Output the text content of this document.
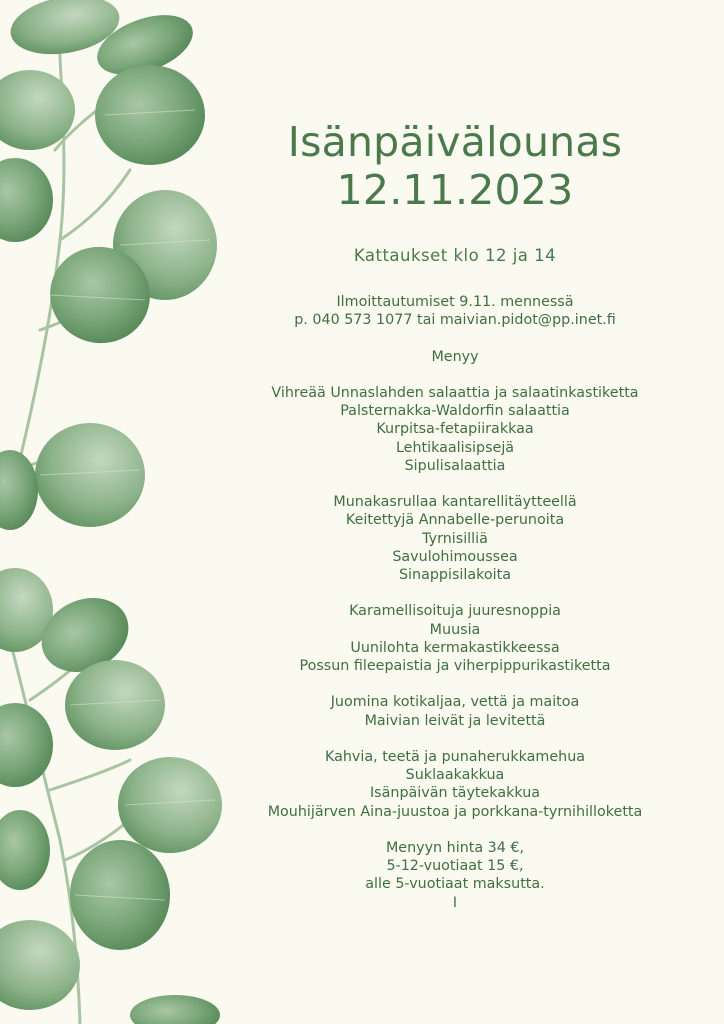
Isänpäivälounas
12.11.2023
Kattaukset klo 12 ja 14
Ilmoittautumiset 9.11. mennessä
p. 040 573 1077 tai maivian.pidot@pp.inet.fi
Menyy
Vihreää Unnaslahden salaattia ja salaatinkastiketta
Palsternakka-Waldorfin salaattia
Kurpitsa-fetapiirakkaa
Lehtikaalisipsejä
Sipulisalaattia
Munakasrullaa kantarellitäytteellä
Keitettyjä Annabelle-perunoita
Tyrnisilliä
Savulohimoussea
Sinappisilakoita
Karamellisoituja juuresnoppia
Muusia
Uunilohta kermakastikkeessa
Possun fileepaistia ja viherpippurikastiketta
Juomina kotikaljaa, vettä ja maitoa
Maivian leivät ja levitettä
Kahvia, teetä ja punaherukkamehua
Suklaakakkua
Isänpäivän täytekakkua
Mouhijärven Aina-juustoa ja porkkana-tyrnihilloketta
Menyyn hinta 34 €,
5-12-vuotiaat 15 €,
alle 5-vuotiaat maksutta.
I
